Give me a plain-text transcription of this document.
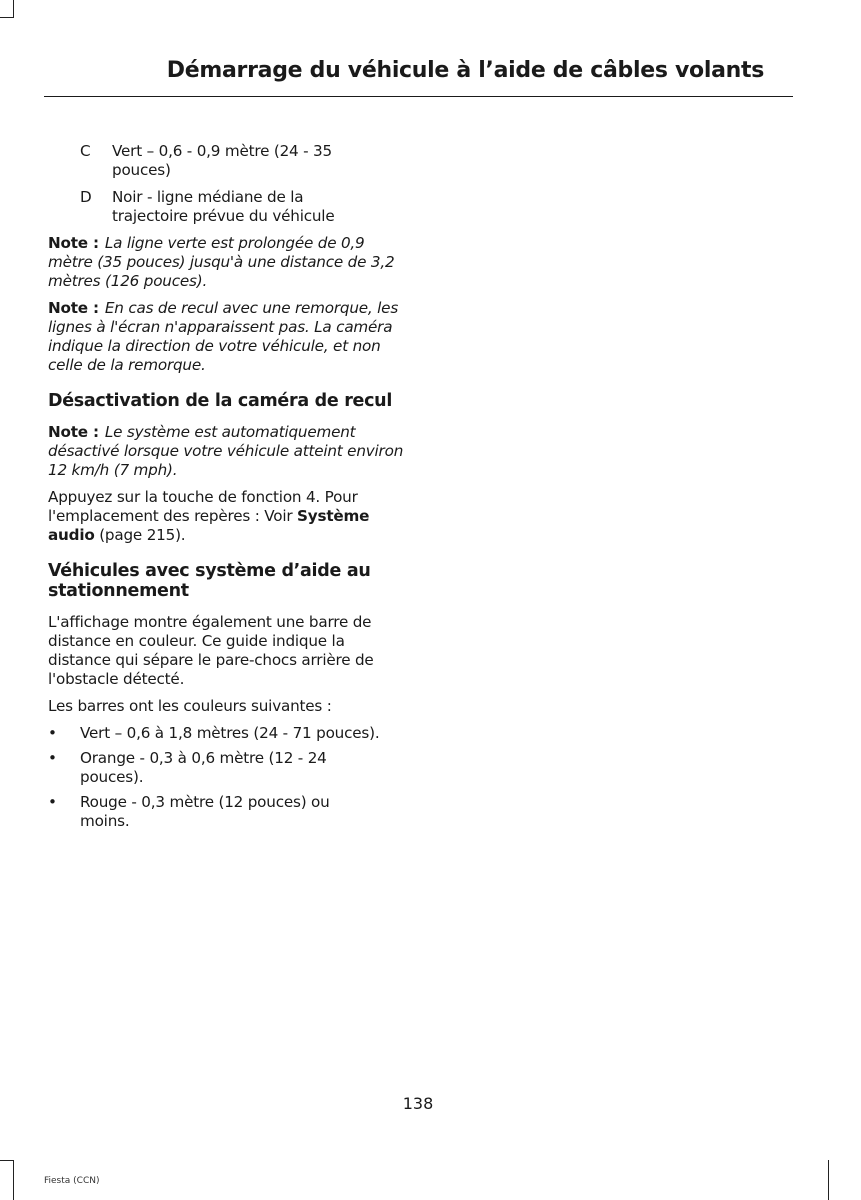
Démarrage du véhicule à l’aide de câbles volants
C	Vert – 0,6 - 0,9 mètre (24 - 35 pouces)
D	Noir - ligne médiane de la trajectoire prévue du véhicule

Note : La ligne verte est prolongée de 0,9 mètre (35 pouces) jusqu'à une distance de 3,2 mètres (126 pouces).

Note : En cas de recul avec une remorque, les lignes à l'écran n'apparaissent pas. La caméra indique la direction de votre véhicule, et non celle de la remorque.

Désactivation de la caméra de recul

Note : Le système est automatiquement désactivé lorsque votre véhicule atteint environ 12 km/h (7 mph).

Appuyez sur la touche de fonction 4. Pour l'emplacement des repères : Voir Système audio (page 215).

Véhicules avec système d’aide au stationnement

L'affichage montre également une barre de distance en couleur. Ce guide indique la distance qui sépare le pare-chocs arrière de l'obstacle détecté.

Les barres ont les couleurs suivantes :

•	Vert – 0,6 à 1,8 mètres (24 - 71 pouces).
•	Orange - 0,3 à 0,6 mètre (12 - 24 pouces).
•	Rouge - 0,3 mètre (12 pouces) ou moins.
138
Fiesta (CCN)
